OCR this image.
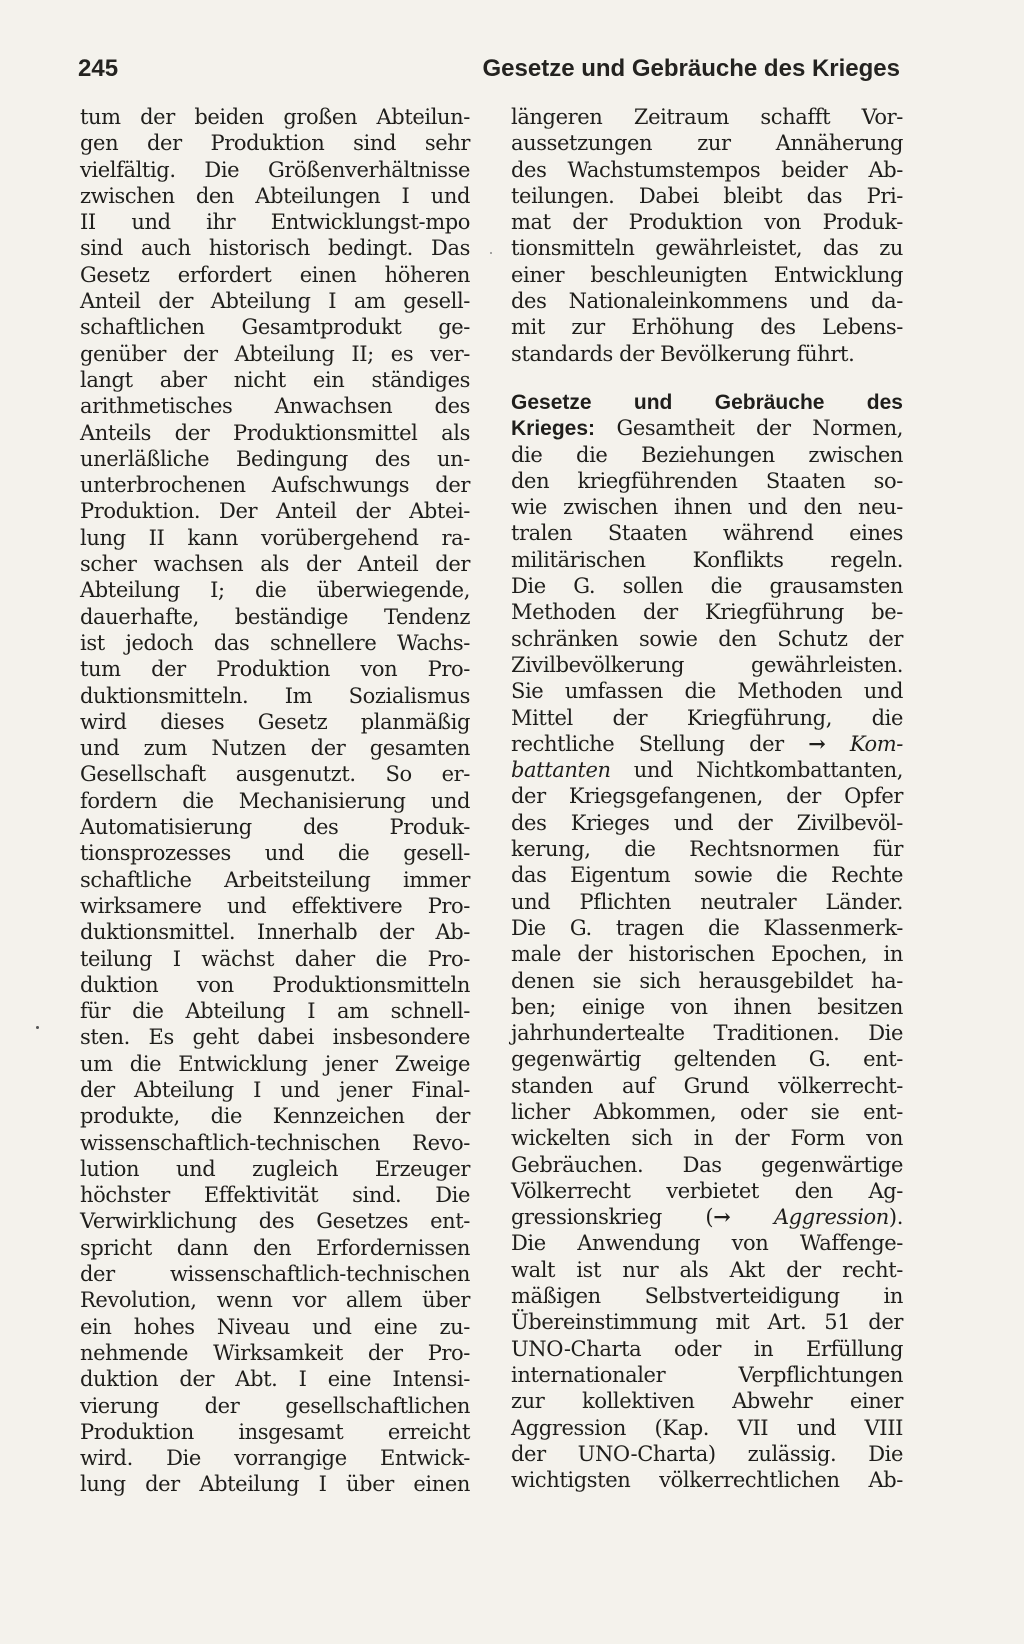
245	Gesetze und Gebräuche des Krieges
tum der beiden großen Abteilun-
gen der Produktion sind sehr
vielfältig. Die Größenverhältnisse
zwischen den Abteilungen I und
II und ihr Entwicklungst‐mpo
sind auch historisch bedingt. Das
Gesetz erfordert einen höheren
Anteil der Abteilung I am gesell-
schaftlichen Gesamtprodukt ge-
genüber der Abteilung II; es ver-
langt aber nicht ein ständiges
arithmetisches Anwachsen des
Anteils der Produktionsmittel als
unerläßliche Bedingung des un-
unterbrochenen Aufschwungs der
Produktion. Der Anteil der Abtei-
lung II kann vorübergehend ra-
scher wachsen als der Anteil der
Abteilung I; die überwiegende,
dauerhafte, beständige Tendenz
ist jedoch das schnellere Wachs-
tum der Produktion von Pro-
duktionsmitteln. Im Sozialismus
wird dieses Gesetz planmäßig
und zum Nutzen der gesamten
Gesellschaft ausgenutzt. So er-
fordern die Mechanisierung und
Automatisierung des Produk-
tionsprozesses und die gesell-
schaftliche Arbeitsteilung immer
wirksamere und effektivere Pro-
duktionsmittel. Innerhalb der Ab-
teilung I wächst daher die Pro-
duktion von Produktionsmitteln
für die Abteilung I am schnell-
sten. Es geht dabei insbesondere
um die Entwicklung jener Zweige
der Abteilung I und jener Final-
produkte, die Kennzeichen der
wissenschaftlich-technischen Revo-
lution und zugleich Erzeuger
höchster Effektivität sind. Die
Verwirklichung des Gesetzes ent-
spricht dann den Erfordernissen
der wissenschaftlich-technischen
Revolution, wenn vor allem über
ein hohes Niveau und eine zu-
nehmende Wirksamkeit der Pro-
duktion der Abt. I eine Intensi-
vierung der gesellschaftlichen
Produktion insgesamt erreicht
wird. Die vorrangige Entwick-
lung der Abteilung I über einen
längeren Zeitraum schafft Vor-
aussetzungen zur Annäherung
des Wachstumstempos beider Ab-
teilungen. Dabei bleibt das Pri-
mat der Produktion von Produk-
tionsmitteln gewährleistet, das zu
einer beschleunigten Entwicklung
des Nationaleinkommens und da-
mit zur Erhöhung des Lebens-
standards der Bevölkerung führt.
Gesetze und Gebräuche des
Krieges: Gesamtheit der Normen,
die die Beziehungen zwischen
den kriegführenden Staaten so-
wie zwischen ihnen und den neu-
tralen Staaten während eines
militärischen Konflikts regeln.
Die G. sollen die grausamsten
Methoden der Kriegführung be-
schränken sowie den Schutz der
Zivilbevölkerung gewährleisten.
Sie umfassen die Methoden und
Mittel der Kriegführung, die
rechtliche Stellung der → Kom-
battanten und Nichtkombattanten,
der Kriegsgefangenen, der Opfer
des Krieges und der Zivilbevöl-
kerung, die Rechtsnormen für
das Eigentum sowie die Rechte
und Pflichten neutraler Länder.
Die G. tragen die Klassenmerk-
male der historischen Epochen, in
denen sie sich herausgebildet ha-
ben; einige von ihnen besitzen
jahrhundertealte Traditionen. Die
gegenwärtig geltenden G. ent-
standen auf Grund völkerrecht-
licher Abkommen, oder sie ent-
wickelten sich in der Form von
Gebräuchen. Das gegenwärtige
Völkerrecht verbietet den Ag-
gressionskrieg (→ Aggression).
Die Anwendung von Waffenge-
walt ist nur als Akt der recht-
mäßigen Selbstverteidigung in
Übereinstimmung mit Art. 51 der
UNO-Charta oder in Erfüllung
internationaler Verpflichtungen
zur kollektiven Abwehr einer
Aggression (Kap. VII und VIII
der UNO-Charta) zulässig. Die
wichtigsten völkerrechtlichen Ab-
